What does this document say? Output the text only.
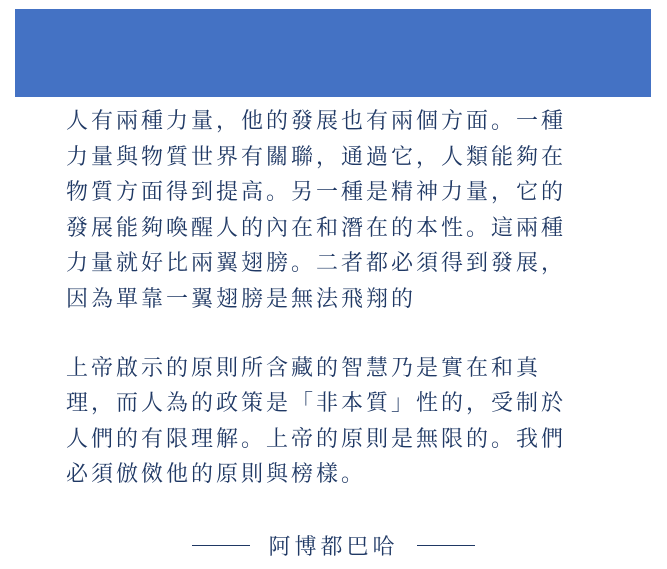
人有兩種力量，他的發展也有兩個方面。一種
力量與物質世界有關聯，通過它，人類能夠在
物質方面得到提高。另一種是精神力量，它的
發展能夠喚醒人的內在和潛在的本性。這兩種
力量就好比兩翼翅膀。二者都必須得到發展，
因為單靠一翼翅膀是無法飛翔的

上帝啟示的原則所含藏的智慧乃是實在和真
理，而人為的政策是「非本質」性的，受制於
人們的有限理解。上帝的原則是無限的。我們
必須倣傚他的原則與榜樣。

阿博都巴哈
